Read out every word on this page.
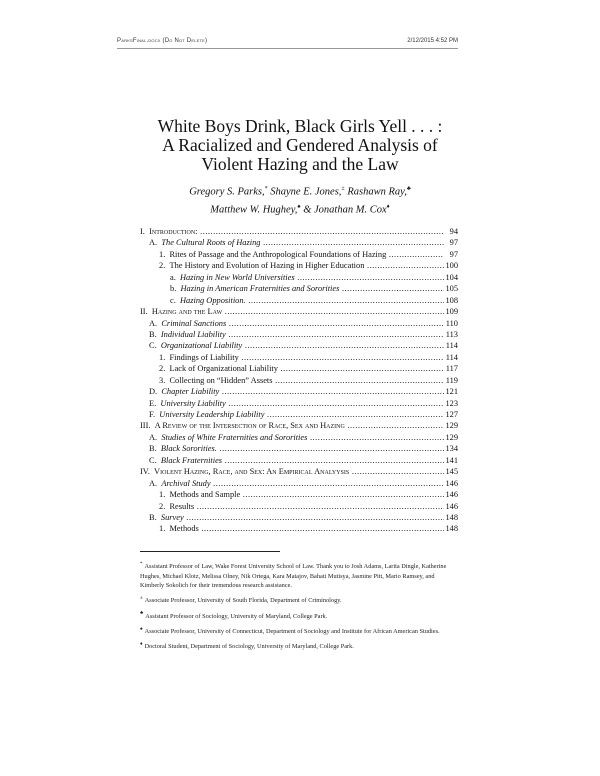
ParksFinal.docx (Do Not Delete)	2/12/2015 4:52 PM
White Boys Drink, Black Girls Yell . . . :
A Racialized and Gendered Analysis of
Violent Hazing and the Law
Gregory S. Parks,* Shayne E. Jones,± Rashawn Ray,♣
Matthew W. Hughey,♠ & Jonathan M. Cox♦
I. Introduction: .....	94
A. The Cultural Roots of Hazing .....	97
1. Rites of Passage and the Anthropological Foundations of Hazing .....	97
2. The History and Evolution of Hazing in Higher Education .....	100
a. Hazing in New World Universities .....	104
b. Hazing in American Fraternities and Sororities .....	105
c. Hazing Opposition. .....	108
II. Hazing and the Law .....	109
A. Criminal Sanctions .....	110
B. Individual Liability .....	113
C. Organizational Liability .....	114
1. Findings of Liability .....	114
2. Lack of Organizational Liability .....	117
3. Collecting on “Hidden” Assets .....	119
D. Chapter Liability .....	121
E. University Liability .....	123
F. University Leadership Liability .....	127
III. A Review of the Intersection of Race, Sex and Hazing .....	129
A. Studies of White Fraternities and Sororities .....	129
B. Black Sororities. .....	134
C. Black Fraternities .....	141
IV. Violent Hazing, Race, and Sex: An Empirical Analyysis .....	145
A. Archival Study .....	146
1. Methods and Sample .....	146
2. Results .....	146
B. Survey .....	148
1. Methods .....	148
* Assistant Professor of Law, Wake Forest University School of Law. Thank you to Josh Adams, Larita Dingle, Katherine Hughes, Michael Klotz, Melissa Olney, Nik Ortega, Kara Matajov, Bahati Mutisya, Jasmine Pitt, Mario Ramsey, and Kimberly Sokolich for their tremendous research assistance.
± Associate Professor, University of South Florida, Department of Criminology.
♣ Assistant Professor of Sociology, University of Maryland, College Park.
♠ Associate Professor, University of Connecticut, Department of Sociology and Institute for African American Studies.
♦ Doctoral Student, Department of Sociology, University of Maryland, College Park.
